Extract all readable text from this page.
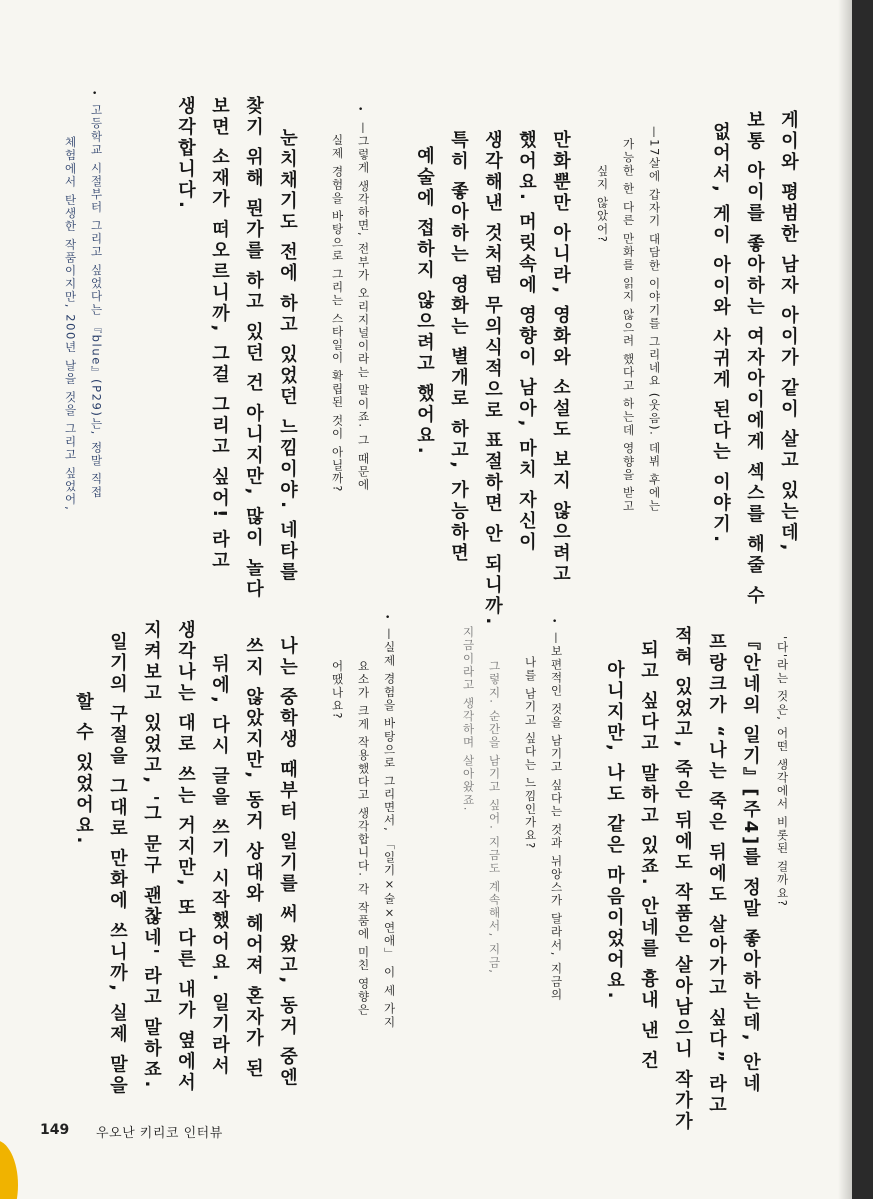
게이와 평범한 남자 아이가 같이 살고 있는데,
보통 아이를 좋아하는 여자아이에게 섹스를 해줄 수
없어서, 게이 아이와 사귀게 된다는 이야기.
—17살에 갑자기 대담한 이야기를 그리네요 (웃음). 데뷔 후에는
가능한 한 다른 만화를 읽지 않으려 했다고 하는데 영향을 받고
싶지 않았어?
만화뿐만 아니라, 영화와 소설도 보지 않으려고
했어요. 머릿속에 영향이 남아, 마치 자신이
생각해낸 것처럼 무의식적으로 표절하면 안 되니까.
특히 좋아하는 영화는 별개로 하고, 가능하면
예술에 접하지 않으려고 했어요.
•
—그렇게 생각하면, 전부가 오리지널이라는 말이죠. 그 때문에
실제 경험을 바탕으로 그리는 스타일이 확립된 것이 아닐까?
눈치채기도 전에 하고 있었던 느낌이야. 네타를
찾기 위해 뭔가를 하고 있던 건 아니지만, 많이 놀다
보면 소재가 떠오르니까, 그걸 그리고 싶어! 라고
생각합니다.
•
고등학교 시절부터 그리고 싶었다는 『blue』(P29)는, 정말 직접
체험에서 탄생한 작품이지만, 200년 날을 것을 그리고 싶었어,
'다'라는 것은, 어떤 생각에서 비롯된 걸까요?
『안네의 일기』[주4]를 정말 좋아하는데, 안네
프랑크가 “나는 죽은 뒤에도 살아가고 싶다” 라고
적혀 있었고, 죽은 뒤에도 작품은 살아남으니 작가가
되고 싶다고 말하고 있죠. 안네를 흉내 낸 건
아니지만, 나도 같은 마음이었어요.
•
—보편적인 것을 남기고 싶다는 것과 뉘앙스가 달라서, 지금의
나를 남기고 싶다는 느낌인가요?
그렇지. 순간을 남기고 싶어. 지금도 계속해서, 지금,
지금이라고 생각하며 살아왔죠.
•
—실제 경험을 바탕으로 그리면서, 「일기×술×연애」 이 세 가지
요소가 크게 작용했다고 생각합니다. 각 작품에 미친 영향은
어땠나요?
나는 중학생 때부터 일기를 써 왔고, 동거 중엔
쓰지 않았지만, 동거 상대와 헤어져 혼자가 된
뒤에, 다시 글을 쓰기 시작했어요. 일기라서
생각나는 대로 쓰는 거지만, 또 다른 내가 옆에서
지켜보고 있었고, '그 문구 괜찮네' 라고 말하죠.
일기의 구절을 그대로 만화에 쓰니까, 실제 말을
할 수 있었어요.
149 우오난 키리코 인터뷰
